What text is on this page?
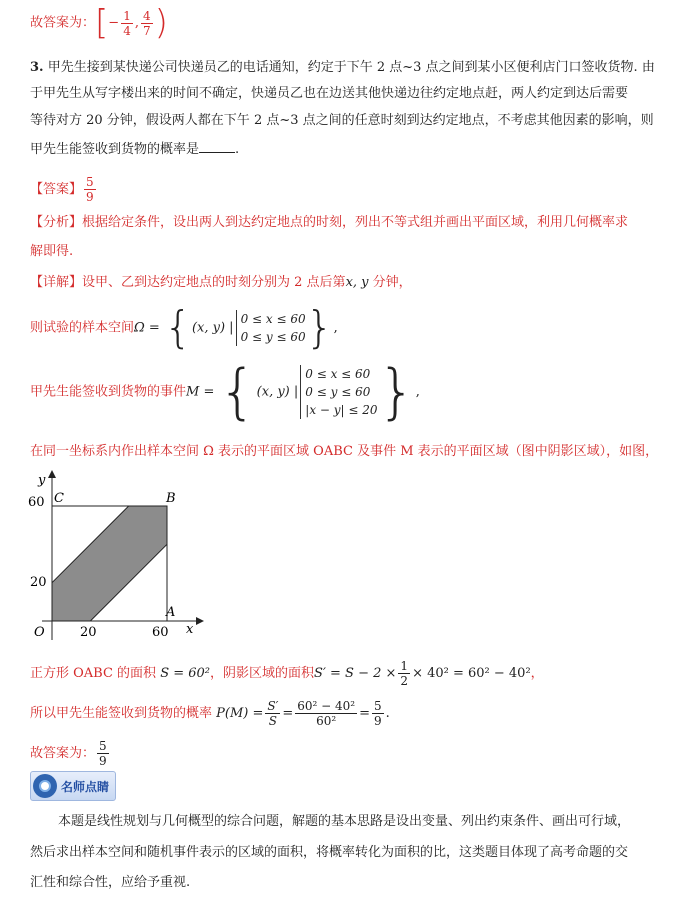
故答案为：[− $\frac{1}{4}$ , $\frac{4}{7}$ )
3. 甲先生接到某快递公司快递员乙的电话通知，约定于下午 2 点~3 点之间到某小区便利店门口签收货物. 由
于甲先生从写字楼出来的时间不确定，快递员乙也在边送其他快递边往约定地点赶，两人约定到达后需要
等待对方 20 分钟，假设两人都在下午 2 点~3 点之间的任意时刻到达约定地点，不考虑其他因素的影响，则
甲先生能签收到货物的概率是	.
【答案】 $\frac{5}{9}$
【分析】根据给定条件，设出两人到达约定地点的时刻，列出不等式组并画出平面区域，利用几何概率求
解即得.
【详解】设甲、乙到达约定地点的时刻分别为 2 点后第x, y 分钟，
则试验的样本空间Ω = {(x, y) |0 ≤ x ≤ 60
0 ≤ y ≤ 60},
甲先生能签收到货物的事件M = {(x, y) |0 ≤ x ≤ 60
0 ≤ y ≤ 60
|x − y| ≤ 20},
在同一坐标系内作出样本空间 Ω 表示的平面区域 OABC 及事件 M 表示的平面区域（图中阴影区域），如图，
y
x
O
C	B
A
60
20
20	60
正方形 OABC 的面积 S = 60²，阴影区域的面积$S' = S - 2 \times \frac{1}{2} \times 40^2 = 60^2 - 40^2$，
所以甲先生能签收到货物的概率 $P(M) = \frac{S'}{S} = \frac{\text{60² − 40²}}{\text{60²}} = \frac{5}{9}$ .
故答案为： $\frac{5}{9}$
名师点睛
本题是线性规划与几何概型的综合问题，解题的基本思路是设出变量、列出约束条件、画出可行域，
然后求出样本空间和随机事件表示的区域的面积，将概率转化为面积的比，这类题目体现了高考命题的交
汇性和综合性，应给予重视.
